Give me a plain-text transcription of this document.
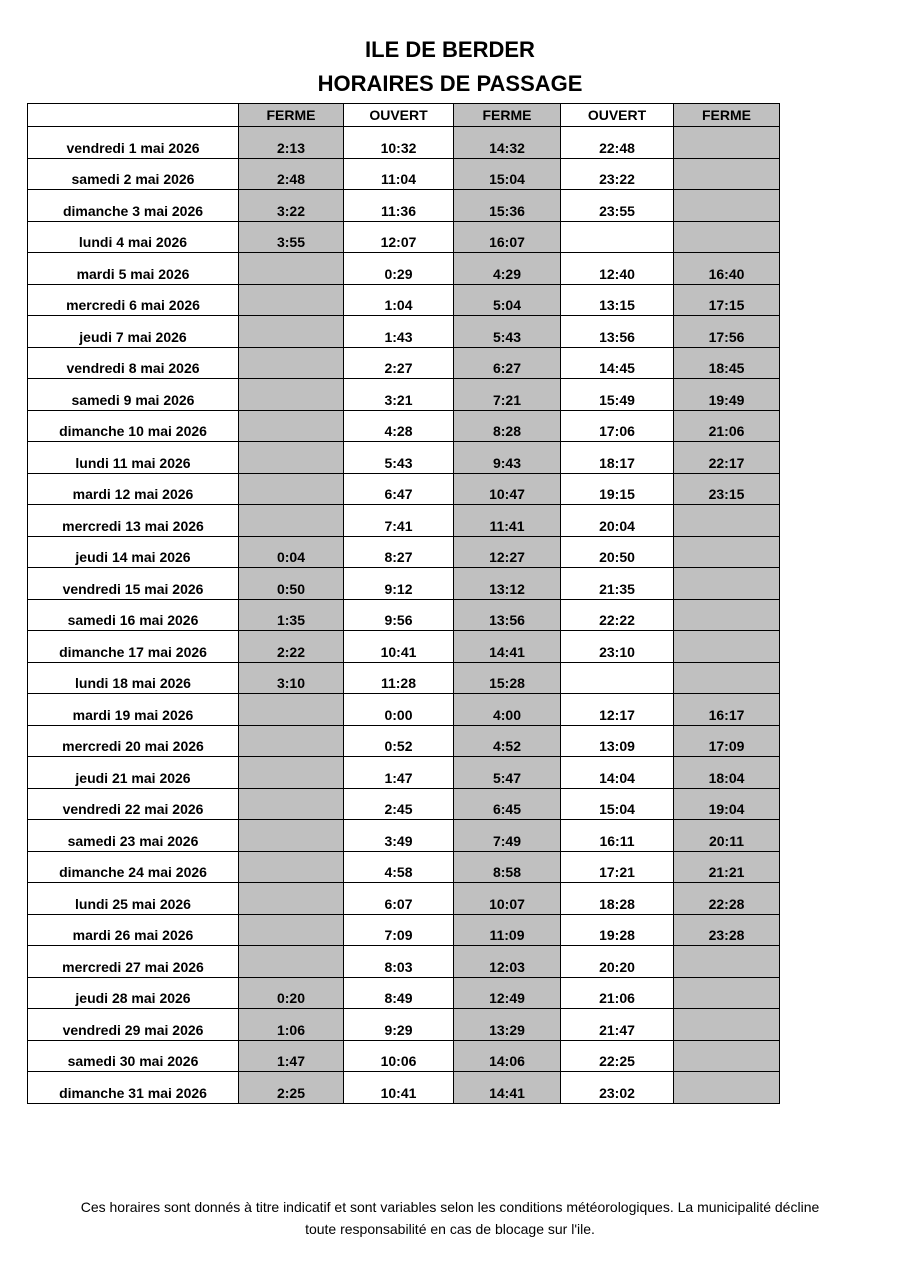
ILE DE BERDER
HORAIRES DE PASSAGE
	FERME	OUVERT	FERME	OUVERT	FERME
vendredi 1 mai 2026	2:13	10:32	14:32	22:48	
samedi 2 mai 2026	2:48	11:04	15:04	23:22	
dimanche 3 mai 2026	3:22	11:36	15:36	23:55	
lundi 4 mai 2026	3:55	12:07	16:07		
mardi 5 mai 2026		0:29	4:29	12:40	16:40
mercredi 6 mai 2026		1:04	5:04	13:15	17:15
jeudi 7 mai 2026		1:43	5:43	13:56	17:56
vendredi 8 mai 2026		2:27	6:27	14:45	18:45
samedi 9 mai 2026		3:21	7:21	15:49	19:49
dimanche 10 mai 2026		4:28	8:28	17:06	21:06
lundi 11 mai 2026		5:43	9:43	18:17	22:17
mardi 12 mai 2026		6:47	10:47	19:15	23:15
mercredi 13 mai 2026		7:41	11:41	20:04	
jeudi 14 mai 2026	0:04	8:27	12:27	20:50	
vendredi 15 mai 2026	0:50	9:12	13:12	21:35	
samedi 16 mai 2026	1:35	9:56	13:56	22:22	
dimanche 17 mai 2026	2:22	10:41	14:41	23:10	
lundi 18 mai 2026	3:10	11:28	15:28		
mardi 19 mai 2026		0:00	4:00	12:17	16:17
mercredi 20 mai 2026		0:52	4:52	13:09	17:09
jeudi 21 mai 2026		1:47	5:47	14:04	18:04
vendredi 22 mai 2026		2:45	6:45	15:04	19:04
samedi 23 mai 2026		3:49	7:49	16:11	20:11
dimanche 24 mai 2026		4:58	8:58	17:21	21:21
lundi 25 mai 2026		6:07	10:07	18:28	22:28
mardi 26 mai 2026		7:09	11:09	19:28	23:28
mercredi 27 mai 2026		8:03	12:03	20:20	
jeudi 28 mai 2026	0:20	8:49	12:49	21:06	
vendredi 29 mai 2026	1:06	9:29	13:29	21:47	
samedi 30 mai 2026	1:47	10:06	14:06	22:25	
dimanche 31 mai 2026	2:25	10:41	14:41	23:02	
Ces horaires sont donnés à titre indicatif et sont variables selon les conditions météorologiques. La municipalité décline
toute responsabilité en cas de blocage sur l'ile.
